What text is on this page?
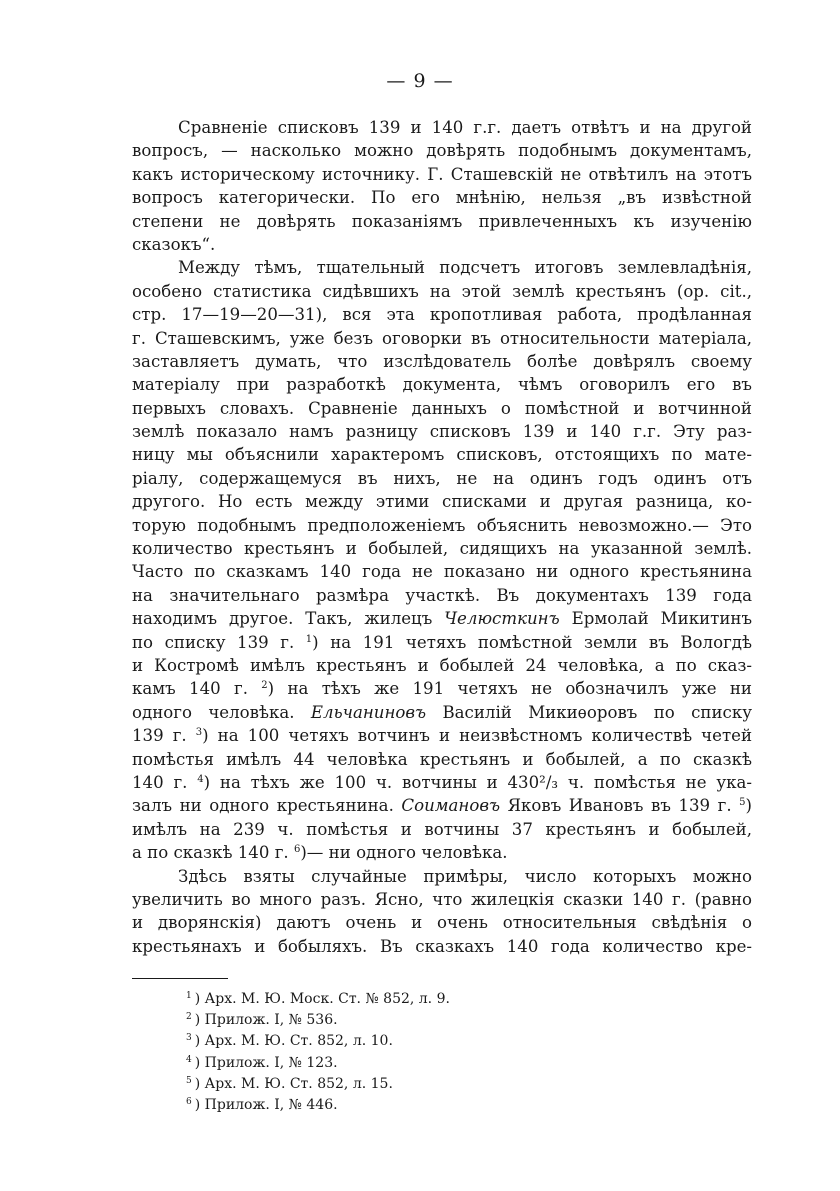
— 9 —
Сравненіе списковъ 139 и 140 г.г. даетъ отвѣтъ и на другой
вопросъ, — насколько можно довѣрять подобнымъ документамъ,
какъ историческому источнику. Г. Сташевскій не отвѣтилъ на этотъ
вопросъ категорически. По его мнѣнію, нельзя „въ извѣстной
степени не довѣрять показаніямъ привлеченныхъ къ изученію
сказокъ“.
Между тѣмъ, тщательный подсчетъ итоговъ землевладѣнія,
особено статистика сидѣвшихъ на этой землѣ крестьянъ (ор. cit.,
стр. 17—19—20—31), вся эта кропотливая работа, продѣланная
г. Сташевскимъ, уже безъ оговорки въ относительности матеріала,
заставляетъ думать, что изслѣдователь болѣе довѣрялъ своему
матеріалу при разработкѣ документа, чѣмъ оговорилъ его въ
первыхъ словахъ. Сравненіе данныхъ о помѣстной и вотчинной
землѣ показало намъ разницу списковъ 139 и 140 г.г. Эту раз-
ницу мы объяснили характеромъ списковъ, отстоящихъ по мате-
ріалу, содержащемуся въ нихъ, не на одинъ годъ одинъ отъ
другого. Но есть между этими списками и другая разница, ко-
торую подобнымъ предположеніемъ объяснить невозможно.— Это
количество крестьянъ и бобылей, сидящихъ на указанной землѣ.
Часто по сказкамъ 140 года не показано ни одного крестьянина
на значительнаго размѣра участкѣ. Въ документахъ 139 года
находимъ другое. Такъ, жилецъ Челюсткинъ Ермолай Микитинъ
по списку 139 г. $^1$) на 191 четяхъ помѣстной земли въ Вологдѣ
и Костромѣ имѣлъ крестьянъ и бобылей 24 человѣка, а по сказ-
камъ 140 г. $^2$) на тѣхъ же 191 четяхъ не обозначилъ уже ни
одного человѣка. Ельчаниновъ Василій Микиѳоровъ по списку
139 г. $^3$) на 100 четяхъ вотчинъ и неизвѣстномъ количествѣ четей
помѣстья имѣлъ 44 человѣка крестьянъ и бобылей, а по сказкѣ
140 г. $^4$) на тѣхъ же 100 ч. вотчины и 430²/₃ ч. помѣстья не ука-
залъ ни одного крестьянина. Соимановъ Яковъ Ивановъ въ 139 г. $^5$)
имѣлъ на 239 ч. помѣстья и вотчины 37 крестьянъ и бобылей,
а по сказкѣ 140 г. $^6$)— ни одного человѣка.
Здѣсь взяты случайные примѣры, число которыхъ можно
увеличить во много разъ. Ясно, что жилецкія сказки 140 г. (равно
и дворянскія) даютъ очень и очень относительныя свѣдѣнія о
крестьянахъ и бобыляхъ. Въ сказкахъ 140 года количество кре-
$^1$ ) Арх. М. Ю. Моск. Ст. № 852, л. 9.
$^2$ ) Прилож. I, № 536.
$^3$ ) Арх. М. Ю. Ст. 852, л. 10.
$^4$ ) Прилож. I, № 123.
$^5$ ) Арх. М. Ю. Ст. 852, л. 15.
$^6$ ) Прилож. I, № 446.
